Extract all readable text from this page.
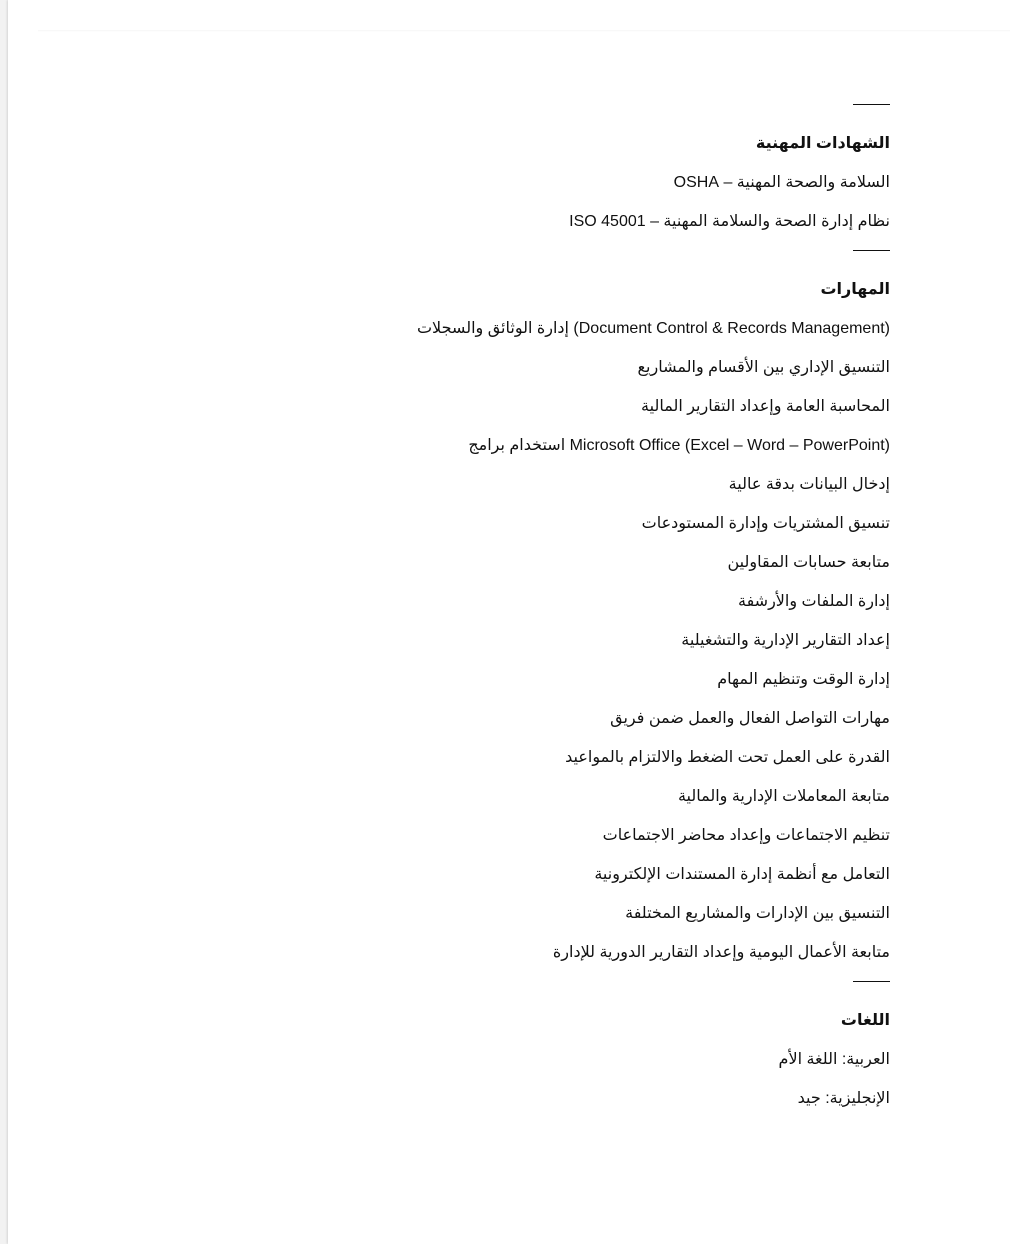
الشهادات المهنية
السلامة والصحة المهنية – OSHA
نظام إدارة الصحة والسلامة المهنية – ISO 45001
المهارات
(Document Control & Records Management) إدارة الوثائق والسجلات
التنسيق الإداري بين الأقسام والمشاريع
المحاسبة العامة وإعداد التقارير المالية
Microsoft Office (Excel – Word – PowerPoint) استخدام برامج
إدخال البيانات بدقة عالية
تنسيق المشتريات وإدارة المستودعات
متابعة حسابات المقاولين
إدارة الملفات والأرشفة
إعداد التقارير الإدارية والتشغيلية
إدارة الوقت وتنظيم المهام
مهارات التواصل الفعال والعمل ضمن فريق
القدرة على العمل تحت الضغط والالتزام بالمواعيد
متابعة المعاملات الإدارية والمالية
تنظيم الاجتماعات وإعداد محاضر الاجتماعات
التعامل مع أنظمة إدارة المستندات الإلكترونية
التنسيق بين الإدارات والمشاريع المختلفة
متابعة الأعمال اليومية وإعداد التقارير الدورية للإدارة
اللغات
العربية: اللغة الأم
الإنجليزية: جيد
